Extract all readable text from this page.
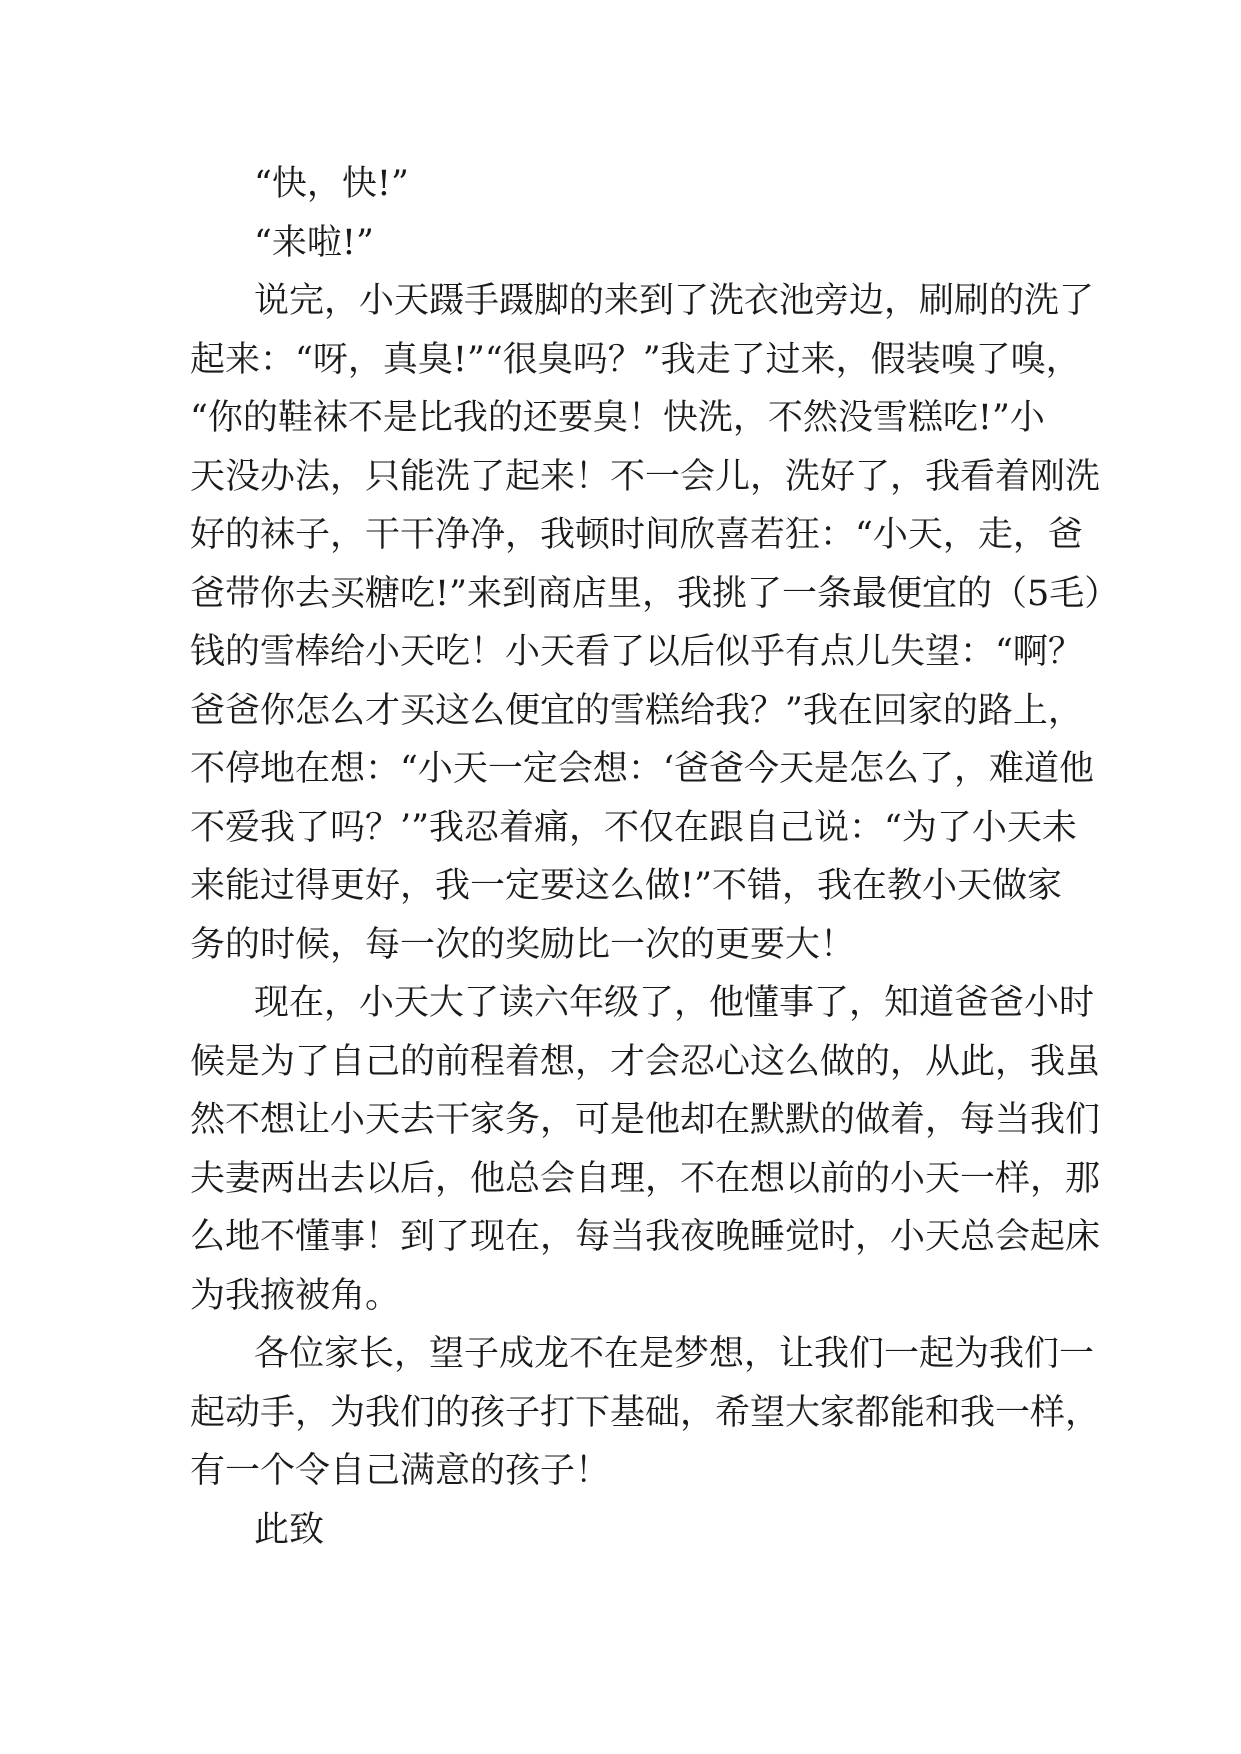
“快，快!”
“来啦!”
说完，小天蹑手蹑脚的来到了洗衣池旁边，刷刷的洗了
起来：“呀，真臭!”“很臭吗？”我走了过来，假装嗅了嗅，
“你的鞋袜不是比我的还要臭！快洗，不然没雪糕吃!”小
天没办法，只能洗了起来！不一会儿，洗好了，我看着刚洗
好的袜子，干干净净，我顿时间欣喜若狂：“小天，走，爸
爸带你去买糖吃!”来到商店里，我挑了一条最便宜的（5毛）
钱的雪棒给小天吃！小天看了以后似乎有点儿失望：“啊？
爸爸你怎么才买这么便宜的雪糕给我？”我在回家的路上，
不停地在想：“小天一定会想：‘爸爸今天是怎么了，难道他
不爱我了吗？’”我忍着痛，不仅在跟自己说：“为了小天未
来能过得更好，我一定要这么做!”不错，我在教小天做家
务的时候，每一次的奖励比一次的更要大！
现在，小天大了读六年级了，他懂事了，知道爸爸小时
候是为了自己的前程着想，才会忍心这么做的，从此，我虽
然不想让小天去干家务，可是他却在默默的做着，每当我们
夫妻两出去以后，他总会自理，不在想以前的小天一样，那
么地不懂事！到了现在，每当我夜晚睡觉时，小天总会起床
为我掖被角。
各位家长，望子成龙不在是梦想，让我们一起为我们一
起动手，为我们的孩子打下基础，希望大家都能和我一样，
有一个令自己满意的孩子！
此致
